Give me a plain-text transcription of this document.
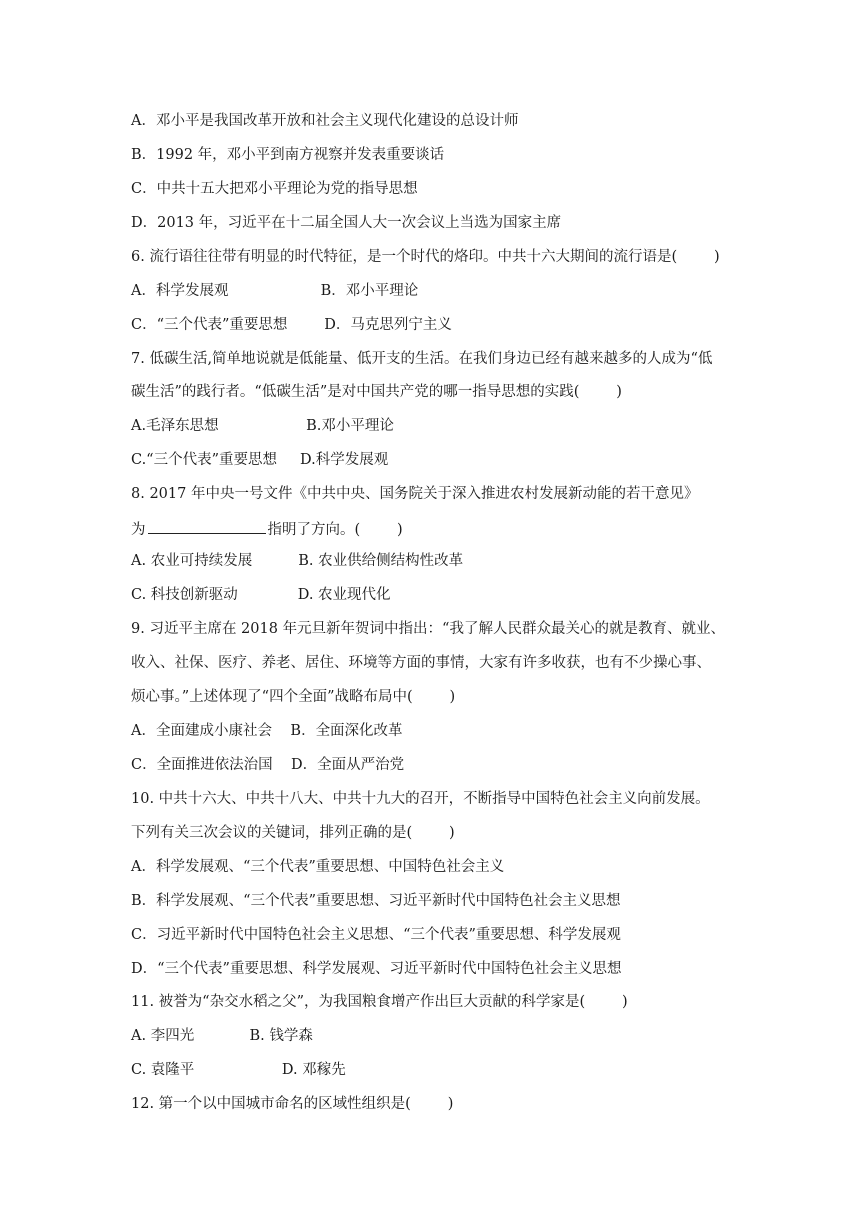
A．邓小平是我国改革开放和社会主义现代化建设的总设计师
B．1992 年，邓小平到南方视察并发表重要谈话
C．中共十五大把邓小平理论为党的指导思想
D．2013 年，习近平在十二届全国人大一次会议上当选为国家主席
6. 流行语往往带有明显的时代特征，是一个时代的烙印。中共十六大期间的流行语是(        )
A．科学发展观                    B．邓小平理论
C．“三个代表”重要思想        D．马克思列宁主义
7. 低碳生活,简单地说就是低能量、低开支的生活。在我们身边已经有越来越多的人成为“低
碳生活”的践行者。“低碳生活”是对中国共产党的哪一指导思想的实践(        )
A.毛泽东思想                   B.邓小平理论
C.“三个代表”重要思想     D.科学发展观
8. 2017 年中央一号文件《中共中央、国务院关于深入推进农村发展新动能的若干意见》
为	指明了方向。(        )
A. 农业可持续发展          B. 农业供给侧结构性改革
C. 科技创新驱动             D. 农业现代化
9. 习近平主席在 2018 年元旦新年贺词中指出：“我了解人民群众最关心的就是教育、就业、
收入、社保、医疗、养老、居住、环境等方面的事情，大家有许多收获，也有不少操心事、
烦心事。”上述体现了“四个全面”战略布局中(        )
A．全面建成小康社会    B．全面深化改革
C．全面推进依法治国    D．全面从严治党
10. 中共十六大、中共十八大、中共十九大的召开，不断指导中国特色社会主义向前发展。
下列有关三次会议的关键词，排列正确的是(        )
A．科学发展观、“三个代表”重要思想、中国特色社会主义
B．科学发展观、“三个代表”重要思想、习近平新时代中国特色社会主义思想
C．习近平新时代中国特色社会主义思想、“三个代表”重要思想、科学发展观
D．“三个代表”重要思想、科学发展观、习近平新时代中国特色社会主义思想
11. 被誉为“杂交水稻之父”，为我国粮食增产作出巨大贡献的科学家是(        )
A. 李四光            B. 钱学森
C. 袁隆平                   D. 邓稼先
12. 第一个以中国城市命名的区域性组织是(        )
